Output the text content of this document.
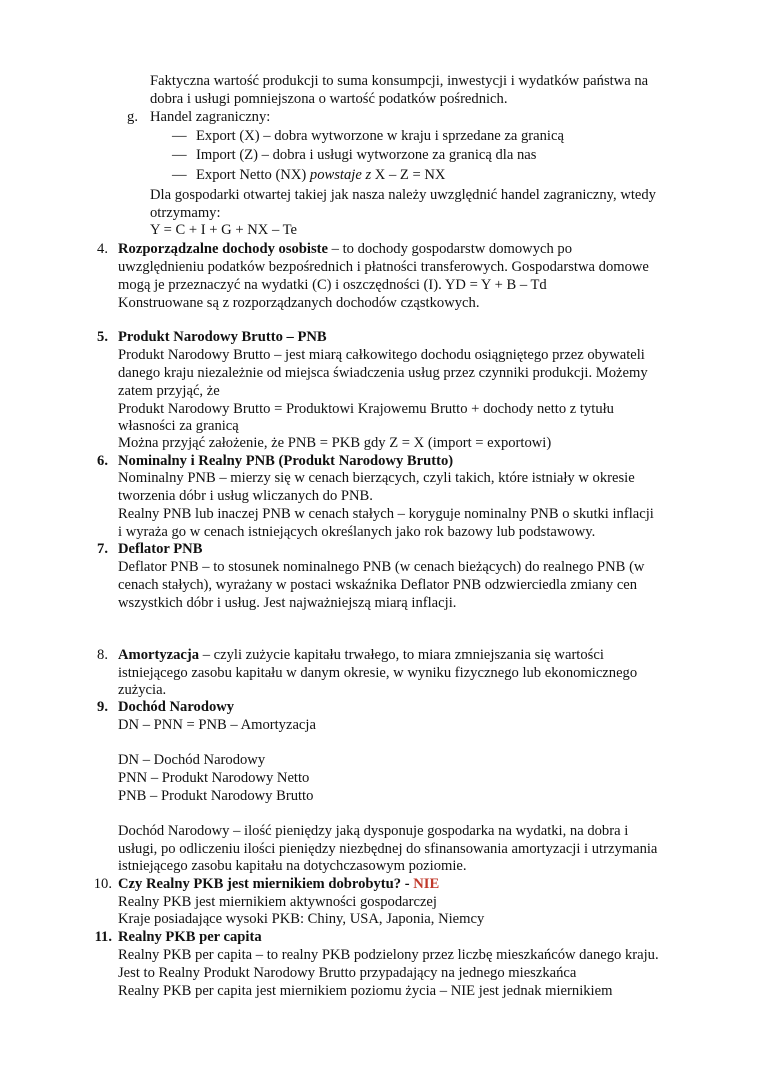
Faktyczna wartość produkcji to suma konsumpcji, inwestycji i wydatków państwa na
dobra i usługi pomniejszona o wartość podatków pośrednich.
g. Handel zagraniczny:
— Export (X) – dobra wytworzone w kraju i sprzedane za granicą
— Import (Z) – dobra i usługi wytworzone za granicą dla nas
— Export Netto (NX) powstaje z X – Z = NX
Dla gospodarki otwartej takiej jak nasza należy uwzględnić handel zagraniczny, wtedy
otrzymamy:
Y = C + I + G + NX – Te
4. Rozporządzalne dochody osobiste – to dochody gospodarstw domowych po
uwzględnieniu podatków bezpośrednich i płatności transferowych. Gospodarstwa domowe
mogą je przeznaczyć na wydatki (C) i oszczędności (I). YD = Y + B – Td
Konstruowane są z rozporządzanych dochodów cząstkowych.
5. Produkt Narodowy Brutto – PNB
Produkt Narodowy Brutto – jest miarą całkowitego dochodu osiągniętego przez obywateli
danego kraju niezależnie od miejsca świadczenia usług przez czynniki produkcji. Możemy
zatem przyjąć, że
Produkt Narodowy Brutto = Produktowi Krajowemu Brutto + dochody netto z tytułu
własności za granicą
Można przyjąć założenie, że PNB = PKB gdy Z = X (import = exportowi)
6. Nominalny i Realny PNB (Produkt Narodowy Brutto)
Nominalny PNB – mierzy się w cenach bierzących, czyli takich, które istniały w okresie
tworzenia dóbr i usług wliczanych do PNB.
Realny PNB lub inaczej PNB w cenach stałych – koryguje nominalny PNB o skutki inflacji
i wyraża go w cenach istniejących określanych jako rok bazowy lub podstawowy.
7. Deflator PNB
Deflator PNB – to stosunek nominalnego PNB (w cenach bieżących) do realnego PNB (w
cenach stałych), wyrażany w postaci wskaźnika Deflator PNB odzwierciedla zmiany cen
wszystkich dóbr i usług. Jest najważniejszą miarą inflacji.
8. Amortyzacja – czyli zużycie kapitału trwałego, to miara zmniejszania się wartości
istniejącego zasobu kapitału w danym okresie, w wyniku fizycznego lub ekonomicznego
zużycia.
9. Dochód Narodowy
DN – PNN = PNB – Amortyzacja
DN – Dochód Narodowy
PNN – Produkt Narodowy Netto
PNB – Produkt Narodowy Brutto
Dochód Narodowy – ilość pieniędzy jaką dysponuje gospodarka na wydatki, na dobra i
usługi, po odliczeniu ilości pieniędzy niezbędnej do sfinansowania amortyzacji i utrzymania
istniejącego zasobu kapitału na dotychczasowym poziomie.
10. Czy Realny PKB jest miernikiem dobrobytu? - NIE
Realny PKB jest miernikiem aktywności gospodarczej
Kraje posiadające wysoki PKB: Chiny, USA, Japonia, Niemcy
11. Realny PKB per capita
Realny PKB per capita – to realny PKB podzielony przez liczbę mieszkańców danego kraju.
Jest to Realny Produkt Narodowy Brutto przypadający na jednego mieszkańca
Realny PKB per capita jest miernikiem poziomu życia – NIE jest jednak miernikiem
